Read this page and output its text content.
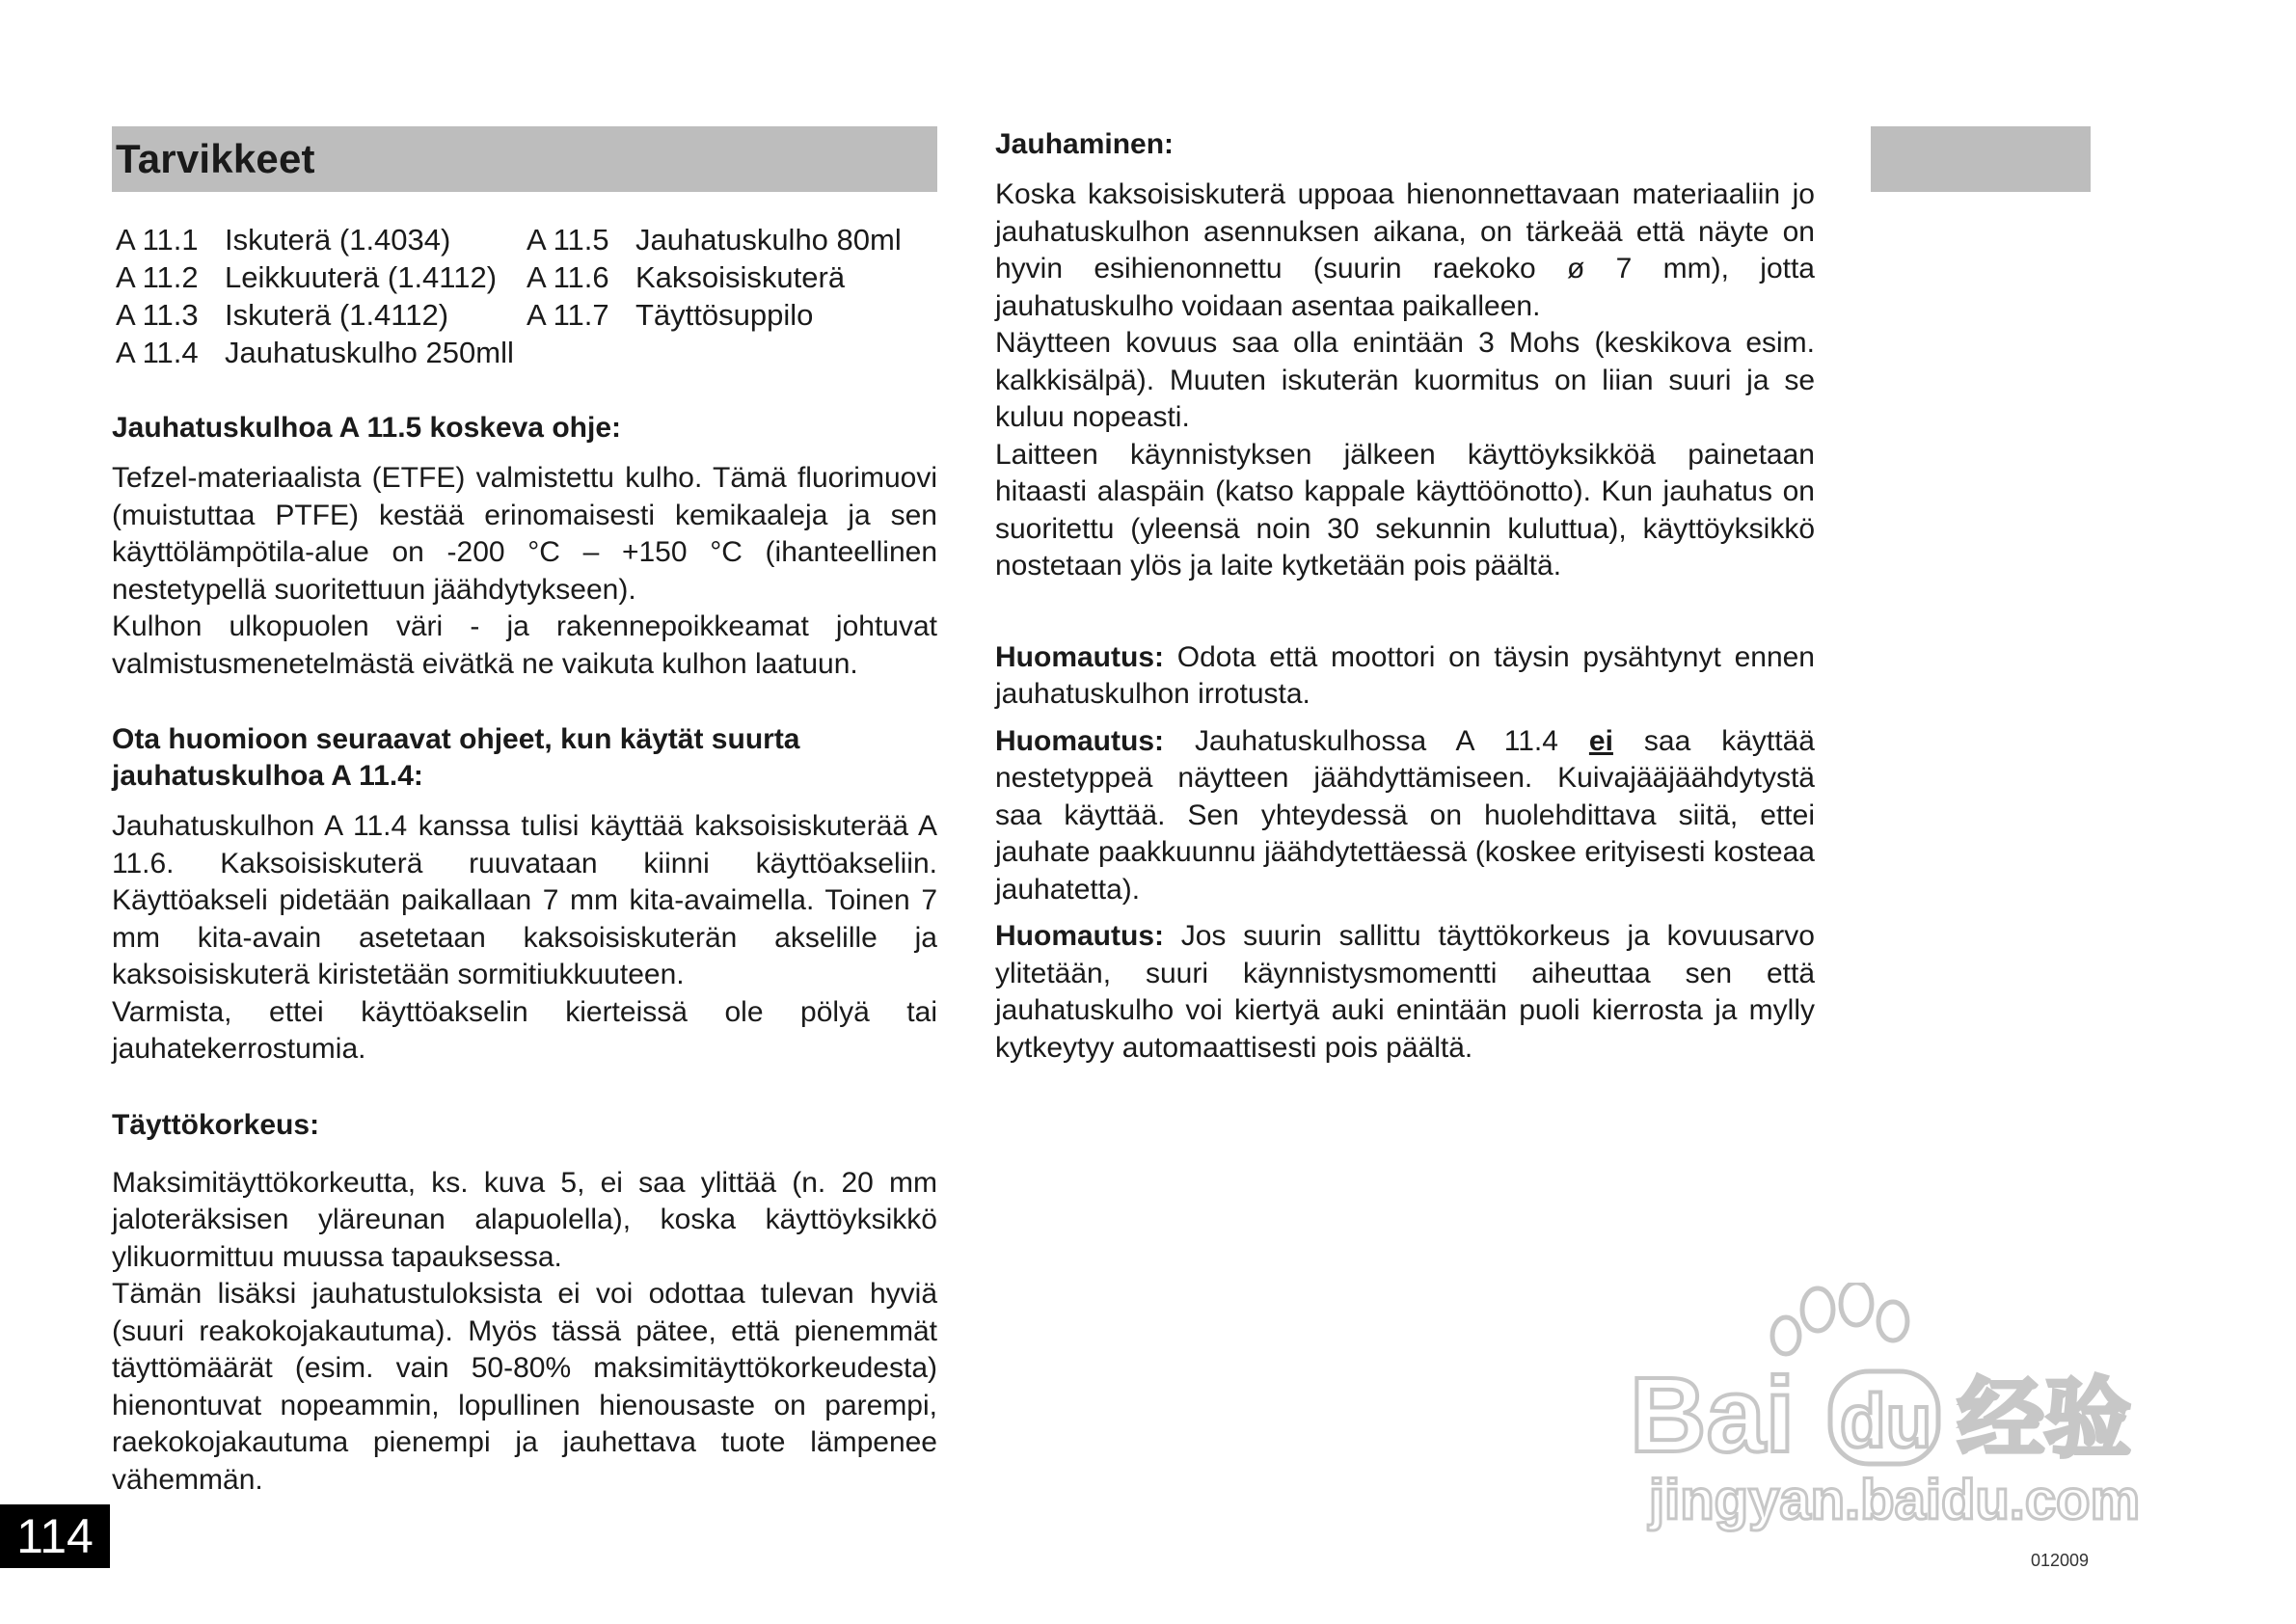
Tarvikkeet
A 11.1 Iskuterä (1.4034)	A 11.5 Jauhatuskulho 80ml
A 11.2 Leikkuuterä (1.4112) A 11.6 Kaksoisiskuterä
A 11.3 Iskuterä (1.4112)	A 11.7 Täyttösuppilo
A 11.4 Jauhatuskulho 250mll

Jauhatuskulhoa A 11.5 koskeva ohje:

Tefzel-materiaalista (ETFE) valmistettu kulho. Tämä fluorimuovi (muistuttaa PTFE) kestää erinomaisesti kemikaaleja ja sen käyttölämpötila-alue on -200 °C – +150 °C (ihanteellinen nestetypellä suoritettuun jäähdytykseen).

Kulhon ulkopuolen väri - ja rakennepoikkeamat johtuvat valmistusmenetelmästä eivätkä ne vaikuta kulhon laatuun.

Ota huomioon seuraavat ohjeet, kun käytät suurta jauhatuskulhoa A 11.4:

Jauhatuskulhon A 11.4 kanssa tulisi käyttää kaksoisiskuterää A 11.6. Kaksoisiskuterä ruuvataan kiinni käyttöakseliin. Käyttöakseli pidetään paikallaan 7 mm kita-avaimella. Toinen 7 mm kita-avain asetetaan kaksoisiskuterän akselille ja kaksoisiskuterä kiristetään sormitiukkuuteen.

Varmista, ettei käyttöakselin kierteissä ole pölyä tai jauhatekerrostumia.

Täyttökorkeus:

Maksimitäyttökorkeutta, ks. kuva 5, ei saa ylittää (n. 20 mm jaloteräksisen yläreunan alapuolella), koska käyttöyksikkö ylikuormittuu muussa tapauksessa.

Tämän lisäksi jauhatustuloksista ei voi odottaa tulevan hyviä (suuri reakokojakautuma). Myös tässä pätee, että pienemmät täyttömäärät (esim. vain 50-80% maksimitäyttökorkeudesta) hienontuvat nopeammin, lopullinen hienousaste on parempi, raekokojakautuma pienempi ja jauhettava tuote lämpenee vähemmän.

Jauhaminen:

Koska kaksoisiskuterä uppoaa hienonnettavaan materiaaliin jo jauhatuskulhon asennuksen aikana, on tärkeää että näyte on hyvin esihienonnettu (suurin raekoko ø 7 mm), jotta jauhatuskulho voidaan asentaa paikalleen.

Näytteen kovuus saa olla enintään 3 Mohs (keskikova esim. kalkkisälpä). Muuten iskuterän kuormitus on liian suuri ja se kuluu nopeasti.

Laitteen käynnistyksen jälkeen käyttöyksikköä painetaan hitaasti alaspäin (katso kappale käyttöönotto). Kun jauhatus on suoritettu (yleensä noin 30 sekunnin kuluttua), käyttöyksikkö nostetaan ylös ja laite kytketään pois päältä.

Huomautus: Odota että moottori on täysin pysähtynyt ennen jauhatuskulhon irrotusta.

Huomautus: Jauhatuskulhossa A 11.4 ei saa käyttää nestetyppeä näytteen jäähdyttämiseen. Kuivajääjäähdytystä saa käyttää. Sen yhteydessä on huolehdittava siitä, ettei jauhate paakkuunnu jäähdytettäessä (koskee erityisesti kosteaa jauhatetta).

Huomautus: Jos suurin sallittu täyttökorkeus ja kovuusarvo ylitetään, suuri käynnistysmomentti aiheuttaa sen että jauhatuskulho voi kiertyä auki enintään puoli kierrosta ja mylly kytkeytyy automaattisesti pois päältä.

114	012009
Bai du 经验
jingyan.baidu.com
